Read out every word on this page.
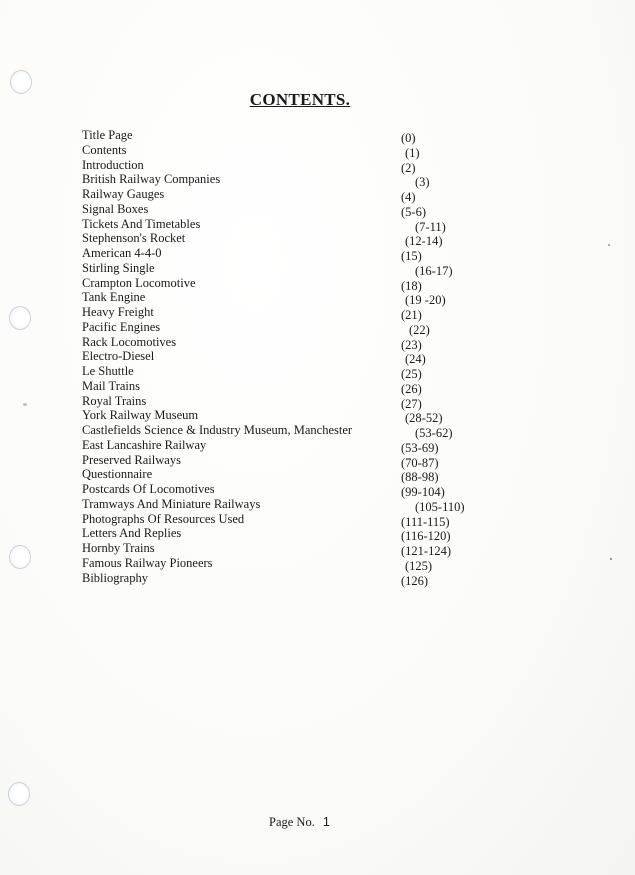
CONTENTS.
Title Page	(0)
Contents	(1)
Introduction	(2)
British Railway Companies	(3)
Railway Gauges	(4)
Signal Boxes	(5-6)
Tickets And Timetables	(7-11)
Stephenson's Rocket	(12-14)
American 4-4-0	(15)
Stirling Single	(16-17)
Crampton Locomotive	(18)
Tank Engine	(19 -20)
Heavy Freight	(21)
Pacific Engines	(22)
Rack Locomotives	(23)
Electro-Diesel	(24)
Le Shuttle	(25)
Mail Trains	(26)
Royal Trains	(27)
York Railway Museum	(28-52)
Castlefields Science & Industry Museum, Manchester	(53-62)
East Lancashire Railway	(53-69)
Preserved Railways	(70-87)
Questionnaire	(88-98)
Postcards Of Locomotives	(99-104)
Tramways And Miniature Railways	(105-110)
Photographs Of Resources Used	(111-115)
Letters And Replies	(116-120)
Hornby Trains	(121-124)
Famous Railway Pioneers	(125)
Bibliography	(126)
Page No. 1
